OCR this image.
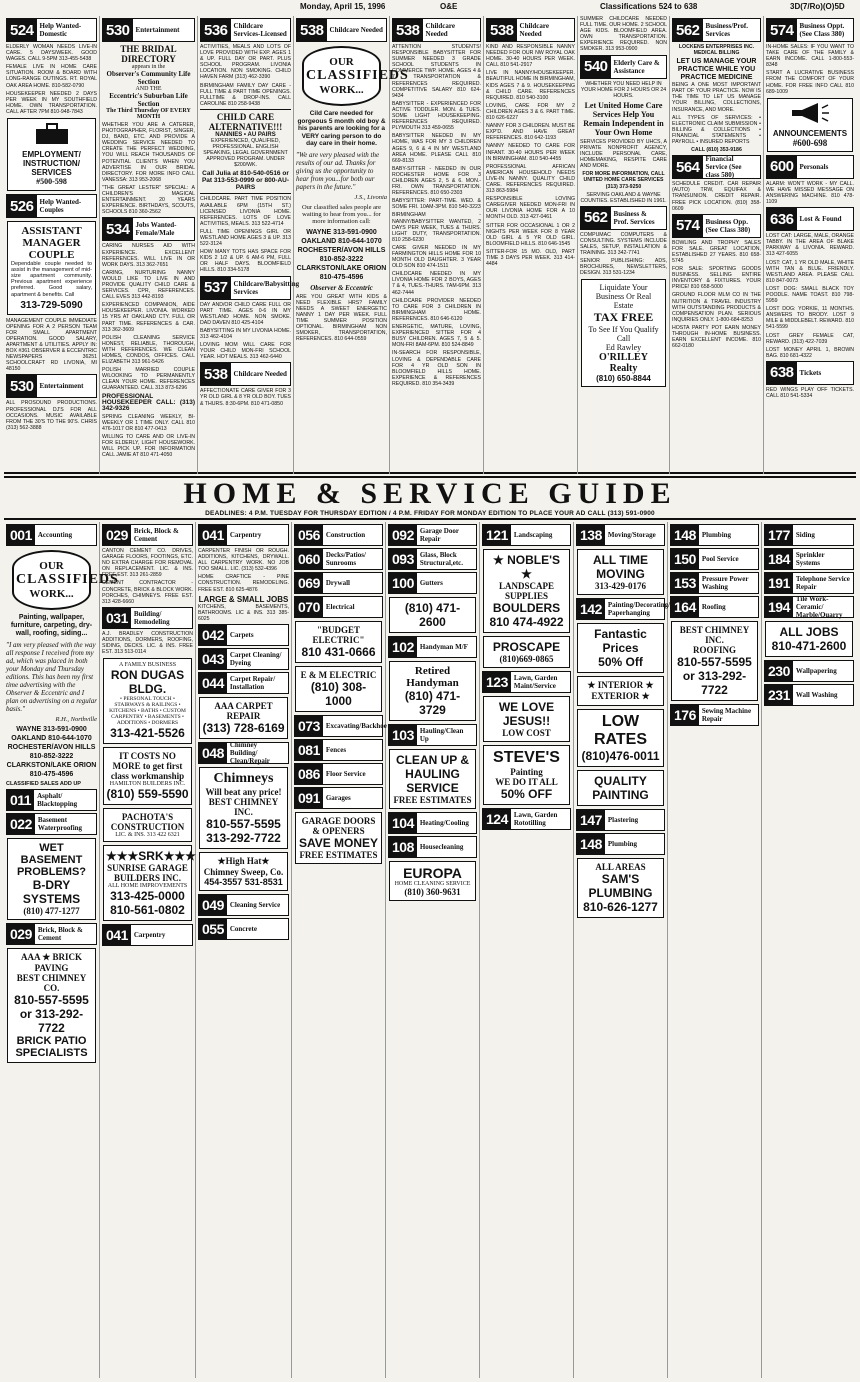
Monday, April 15, 1996	O&E	Classifications 524 to 638	3D(7/Ro)(O)5D
524 Help Wanted-Domestic
ELDERLY WOMAN NEEDS LIVE-IN CARE. 5 DAYS/WEEK. GOOD WAGES. CALL 9-5PM 313-455-5438
FEMALE LIVE IN HOME CARE SITUATION. ROOM & BOARD WITH LONG-RANGE OUTINGS. RT. ROYAL OAK AREA HOME. 810-582-0790
HOUSEKEEPER NEEDED 2 DAYS PER WEEK IN MY SOUTHFIELD HOME. OWN TRANSPORTATION. CALL AFTER 7PM 810-948-7843
EMPLOYMENT/ INSTRUCTION/ SERVICES
#500-598
526 Help Wanted-Couples
ASSISTANT MANAGER COUPLE
Dependable couple needed to assist in the management of mid-size apartment community. Previous apartment experience preferred. Good salary, apartment & benefits. Call
313-729-5090
MANAGEMENT COUPLE IMMEDIATE OPENING FOR A 2 PERSON TEAM FOR SMALL APARTMENT OPERATION. GOOD SALARY, APARTMENT & UTILITIES. APPLY IN: BOX #361 OBSERVER & ECCENTRIC NEWSPAPERS 36251 SCHOOLCRAFT RD LIVONIA, MI 48150
530 Entertainment
ALL PROSOUND PRODUCTIONS. PROFESSIONAL DJ'S FOR ALL OCCASIONS. MUSIC AVAILABLE FROM THE 30'S TO THE 90'S. CHRIS (313) 562-3888
530 Entertainment
THE BRIDAL DIRECTORY
appears in the
Observer's Community Life Section
AND THE
Eccentric's Suburban Life Section
The Third Thursday OF EVERY MONTH
WHETHER YOU ARE A CATERER, PHOTOGRAPHER, FLORIST, SINGER, DJ, BAND, ETC. AND PROVIDE A WEDDING SERVICE NEEDED TO CREATE THE PERFECT WEDDING, YOU WILL REACH THOUSANDS OF POTENTIAL CLIENTS WHEN YOU ADVERTISE IN OUR BRIDAL DIRECTORY. FOR MORE INFO CALL VANESSA: 313 953-2068
"THE GREAT LESTER" SPECIAL: A CHILDREN'S MAGICAL ENTERTAINMENT. 20 YEARS EXPERIENCE. BIRTHDAYS, SCOUTS, SCHOOLS 810 360-2562
534 Jobs Wanted-Female/Male
CARING NURSES AID WITH EXPERIENCE. EXCELLENT REFERENCES. WILL LIVE IN OR WORK DAYS. 313 362-7651
CARING, NURTURING NANNY WOULD LIKE TO LIVE IN AND PROVIDE QUALITY CHILD CARE & SERVICES. CPR, REFERENCES. CALL EVES 313 442-8193
EXPERIENCED COMPANION, AIDE HOUSEKEEPER. LIVONIA. WORKED 15 YRS AT OAKLAND CTY. FULL OR PART TIME. REFERENCES & CAR. 313 362-3609
POLISH CLEANING SERVICE HONEST, RELIABLE, THOROUGH, WITH REFERENCES. WE CLEAN HOMES, CONDOS, OFFICES. CALL ELIZABETH 313 961-5426
POLISH MARRIED COUPLE W/LOOKING TO PERMANENTLY CLEAN YOUR HOME. REFERENCES GUARANTEED. CALL 313 873-6296
PROFESSIONAL HOUSEKEEPER CALL: (313) 342-9326
SPRING CLEANING WEEKLY, BI-WEEKLY OR 1 TIME ONLY. CALL 810 476-1017 OR 810 477-0413
WILLING TO CARE AND OR LIVE-IN FOR ELDERLY, LIGHT HOUSEWORK. WILL PICK UP. FOR INFORMATION CALL JAMIE AT 810 471-4050
536 Childcare Services-Licensed
ACTIVITIES, MEALS AND LOTS OF LOVE PROVIDED WITH EXP. AGES 1 & UP. FULL DAY OR PART. PLUS SCHOOL PROGRAM. LIVONIA LOCATION. NON SMOKING. CHILD HAVEN FARM (313) 462-3390
BIRMINGHAM FAMILY DAY CARE - FULL TIME & PART TIME OPENINGS. FULLTIME & DROP-INS. CALL CAROLINE 810 258-9438
CHILD CARE ALTERNATIVE!!!
NANNIES • AU PAIRS
EXPERIENCED, QUALIFIED, PROFESSIONAL. ENGLISH SPEAKING, LEGAL GOVERNMENT APPROVED PROGRAM. UNDER $200/WK.
Call Julia at 810-540-0516 or Pat 313-553-0999 or 800-AU-PAIRS
CHILDCARE. PART TIME POSITION AVAILABLE 6PM (15TH ST.) LICENSED LIVONIA HOME. REFERENCES. LOTS OF LOVE ACTIVITIES, MEALS. 313 522-4714
FULL TIME OPENINGS GIRL OR WESTLAND HOME AGES 3 & UP. 313 522-3124
HOW MANY TOTS HAS SPACE FOR KIDS 2 1/2 & UP. 6 AM-6 PM, FULL OR HALF DAYS. BLOOMFIELD HILLS. 810 334-5178
537 Childcare/Babysitting Services
DAY AND/OR CHILD CARE FULL OR PART TIME. AGES 0-6 IN MY WESTLAND HOME. NON SMOKE. DAD DAVEN 810 425-4104
BABYSITTING IN MY LIVONIA HOME. 313 462-4104
LOVING MOM WILL CARE FOR YOUR CHILD MON-FRI SCHOOL YEAR. HOT MEALS. 313 462-6440
538 Childcare Needed
AFFECTIONATE CARE GIVER FOR 3 YR OLD GIRL & 8 YR OLD BOY. TUES & THURS. 8:30-6PM. 810 471-0850
538 Childcare Needed
OUR
CLASSIFIEDS
WORK...
Cild Care needed for gorgeous 5 month old boy & his parents are looking for a VERY caring person to do day care in their home.
"We are very pleased with the results of our ad. Thanks for giving us the opportunity to hear from you...for both our papers in the future."
J.S., Livonia
Our classified sales people are waiting to hear from you... for more information call:
WAYNE 313-591-0900
OAKLAND 810-644-1070
ROCHESTER/AVON HILLS 810-852-3222
CLARKSTON/LAKE ORION 810-475-4596
Observer & Eccentric
ARE YOU GREAT WITH KIDS & NEED FLEXIBLE HRS? FAMILY NEEDS A SWEET ENERGETIC NANNY 1 DAY PER WEEK. FULL TIME SUMMER POSITION OPTIONAL. BIRMINGHAM NON SMOKER, TRANSPORTATION, REFERENCES. 810 644-0559
538 Childcare Needed
ATTENTION STUDENTS! RESPONSIBLE BABYSITTER FOR SUMMER NEEDED 3 GRADE SCHOOL STUDENTS IN COMMERCE TWP. HOME. AGES 4 & 7. TRANSPORTATION & REFERENCES REQUIRED. COMPETITIVE SALARY 810 624-9434
BABYSITTER - EXPERIENCED FOR ACTIVE TODDLER. MON. & TUES. SOME LIGHT HOUSEKEEPING. REFERENCES REQUIRED. PLYMOUTH 313 459-0655
BABYSITTER NEEDED IN MY HOME, WAS FOR MY 3 CHILDREN AGES 9, 6 & 4 IN MY WESTLAND AREA HOME. PLEASE CALL 810 669-8133
BABY-SITTER - NEEDED IN OUR ROCHESTER HOME FOR 3 CHILDREN AGES 2, 5 & 6. MON.-FRI. OWN TRANSPORTATION. REFERENCES. 810 650-2303
BABYSITTER: PART-TIME. WED. & SOME FRI. 10AM-3PM. 810 540-3223
BIRMINGHAM - NANNY/BABYSITTER WANTED, 2 DAYS PER WEEK, TUES & THURS. LIGHT DUTY, TRANSPORTATION. 810 258-6230
CARE GIVER NEEDED IN MY FARMINGTON HILLS HOME FOR 10 MONTH OLD DAUGHTER. 3 YEAR OLD SON 810 474-1511
CHILDCARE NEEDED IN MY LIVONIA HOME FOR 2 BOYS, AGES 7 & 4, TUES.-THURS. 7AM-6PM. 313 462-7444
CHILDCARE PROVIDER NEEDED TO CARE FOR 3 CHILDREN IN BIRMINGHAM HOME. REFERENCES. 810 646-6120
ENERGETIC, MATURE, LOVING, EXPERIENCED SITTER FOR 4 BUSY CHILDREN. AGES 7, 5 & 5. MON-FRI 8AM-6PM. 810 524-8849
IN-SEARCH FOR RESPONSIBLE, LOVING & DEPENDABLE CARE FOR 4 YR OLD SON IN BLOOMFIELD HILLS HOME. EXPERIENCE & REFERENCES REQUIRED. 810 354-3439
538 Childcare Needed
KIND AND RESPONSIBLE NANNY NEEDED FOR OUR NW ROYAL OAK HOME. 30-40 HOURS PER WEEK. CALL 810 541-2917
LIVE IN NANNY/HOUSEKEEPER. BEAUTIFUL HOME IN BIRMINGHAM, KIDS AGES 7 & 9. HOUSEKEEPING & CHILD CARE. REFERENCES REQUIRED. 810 540-3100
LOVING, CARE FOR MY 2 CHILDREN AGES 3 & 6. PART TIME. 810 626-6227
NANNY FOR 3 CHILDREN. MUST BE EXP'D. AND HAVE GREAT REFERENCES. 810 642-1193
NANNY NEEDED TO CARE FOR INFANT. 30-40 HOURS PER WEEK IN BIRMINGHAM. 810 540-4455
PROFESSIONAL AFRICAN AMERICAN HOUSEHOLD NEEDS LIVE-IN NANNY. QUALITY CHILD CARE. REFERENCES REQUIRED. 313 863-5984
RESPONSIBLE LOVING CAREGIVER NEEDED MON-FRI IN OUR LIVONIA HOME FOR A 10 MONTH OLD. 313 427-0461
SITTER FOR OCCASIONAL 1 OR 2 NIGHTS PER WEEK FOR 8 YEAR OLD GIRL & 5 YR OLD GIRL. BLOOMFIELD HILLS. 810 646-1545
SITTER-FOR 15 MO. OLD, PART TIME 3 DAYS PER WEEK. 313 414-4484
SUMMER CHILDCARE NEEDED FULL TIME. OUR HOME. 2 SCHOOL AGE KIDS. BLOOMFIELD AREA. OWN TRANSPORTATION. EXPERIENCE REQUIRED. NON SMOKER. 313 953-0900
540 Elderly Care & Assistance
WHETHER YOU NEED HELP IN YOUR HOME FOR 2 HOURS OR 24 HOURS.
Let United Home Care Services Help You Remain Independent in Your Own Home
SERVICES PROVIDED BY UHCS, A PRIVATE NONPROFIT AGENCY, INCLUDE PERSONAL CARE, HOMEMAKING, RESPITE CARE AND MORE.
FOR MORE INFORMATION, CALL UNITED HOME CARE SERVICES (313) 373-9250
SERVING OAKLAND & WAYNE COUNTIES. ESTABLISHED IN 1961.
562 Business & Prof. Services
COMPUMAC COMPUTERS & CONSULTING. SYSTEMS INCLUDE SALES, SETUP, INSTALLATION & TRAINING. 313 342-7741
SENIOR PUBLISHING: ADS, BROCHURES, NEWSLETTERS, DESIGN. 313 531-1234
Liquidate Your Business Or Real Estate
TAX FREE
To See If You Qualify Call
Ed Rawley
O'RILLEY Realty
(810) 650-8844
562 Business/Prof. Services
LOCKENS ENTERPRISES INC. MEDICAL BILLING
LET US MANAGE YOUR PRACTICE WHILE YOU PRACTICE MEDICINE
BEING A ONE MOST IMPORTANT PART OF YOUR PRACTICE. NOW IS THE TIME TO LET US MANAGE YOUR BILLING, COLLECTIONS, INSURANCE, AND MORE.
ALL TYPES OF SERVICES: • ELECTRONIC CLAIM SUBMISSION • BILLING & COLLECTIONS • FINANCIAL STATEMENTS • PAYROLL • INSURED REPORTS
CALL (810) 353-9186
564 Financial Service (See class 580)
SCHEDULE CREDIT. CAR REPAIR (AUTO) TRW, EQUIFAX & TRANSUNION. CREDIT REPAIR. FREE PICK LOCATION. (810) 358-0609
574 Business Opp. (See Class 380)
BOWLING AND TROPHY SALES FOR SALE. GREAT LOCATION, ESTABLISHED 27 YEARS. 810 658-5745
FOR SALE: SPORTING GOODS BUSINESS. SELLING ENTIRE INVENTORY & FIXTURES. YOUR PRICE! 810 658-5000
GROUND FLOOR MLM CO IN THE NUTRITION & TRAVEL INDUSTRY WITH OUTSTANDING PRODUCTS & COMPENSATION PLAN. SERIOUS INQUIRIES ONLY. 1-800-684-8253
HOSTA PARTY POT EARN MONEY THROUGH IN-HOME BUSINESS. EARN EXCELLENT INCOME. 810 662-0180
574 Business Oppt. (See Class 380)
IN-HOME SALES: IF YOU WANT TO TAKE CARE OF THE FAMILY & EARN INCOME. CALL 1-800-553-8348
START A LUCRATIVE BUSINESS FROM THE COMFORT OF YOUR HOME. FOR FREE INFO CALL 810 689-1009
ANNOUNCEMENTS
#600-698
600 Personals
ALARM: WON'T WORK - MY CALL. WE HAVE MISSED MESSAGE ON ANSWERING MACHINE. 810 478-1109
636 Lost & Found
LOST CAT: LARGE, MALE, ORANGE TABBY. IN THE AREA OF BLAKE PARKWAY & LIVONIA. REWARD. 313 427-6055
LOST: CAT, 1 YR OLD MALE, WHITE WITH TAN & BLUE. FRIENDLY. WESTLAND AREA. PLEASE CALL 810 847-0073
LOST DOG: SMALL BLACK TOY POODLE. NAME TOAST. 810 798-5959
LOST DOG: YORKIE, 11 MONTHS. ANSWERS TO BRODY. LOST 9 MILE & MIDDLEBELT. REWARD. 810 541-5599
LOST GREY FEMALE CAT, REWARD. (313) 422-7039
LOST MONEY APRIL 1, BROWN BAG. 810 681-4322
638 Tickets
RED WINGS PLAY OFF TICKETS. CALL 810 541-5334
HOME & SERVICE GUIDE
DEADLINES: 4 P.M. TUESDAY FOR THURSDAY EDITION / 4 P.M. FRIDAY FOR MONDAY EDITION TO PLACE YOUR AD CALL (313) 591-0900
001 Accounting
OUR
CLASSIFIEDS
WORK...
Painting, wallpaper, furniture, carpeting, dry-wall, roofing, siding...
"I am very pleased with the way all response I received from my ad, which was placed in both your Monday and Thursday editions. This has been my first time advertising with the Observer & Eccentric and I plan on advertising on a regular basis."
R.H., Northville
WAYNE 313-591-0900
OAKLAND 810-644-1070
ROCHESTER/AVON HILLS 810-852-3222
CLARKSTON/LAKE ORION 810-475-4596
CLASSIFIED SALES ADD UP
011 Asphalt/ Blacktopping
022 Basement Waterproofing
WET BASEMENT PROBLEMS?
B-DRY SYSTEMS
(810) 477-1277
029 Brick, Block & Cement
AAA ★ BRICK PAVING
BEST CHIMNEY CO.
810-557-5595
or 313-292-7722
BRICK PATIO SPECIALISTS
029 Brick, Block & Cement
CANTON CEMENT CO. DRIVES, GARAGE FLOORS, FOOTINGS, ETC. NO EXTRA CHARGE FOR REMOVAL ON REPLACEMENT. LIC. & INS. FREE EST. 313 261-2859
CEMENT CONTRACTOR - CONCRETE, BRICK & BLOCK WORK. PORCHES, CHIMNEYS. FREE EST. 313 428-6660
031 Building/ Remodeling
A.J. BRADLEY CONSTRUCTION ADDITIONS, DORMERS, ROOFING, SIDING, DECKS. LIC. & INS. FREE EST. 313 513-0114
A FAMILY BUSINESS
RON DUGAS BLDG.
• PERSONAL TOUCH • STAIRWAYS & RAILINGS • KITCHENS • BATHS • CUSTOM CARPENTRY • BASEMENTS • ADDITIONS • DORMERS
313-421-5526
IT COSTS NO MORE to get first class workmanship
HAMILTON BUILDERS INC.
(810) 559-5590
PACHOTA'S CONSTRUCTION
LIC. & INS. 313 422 6321
★★★SRK★★★
SUNRISE GARAGE BUILDERS INC.
ALL HOME IMPROVEMENTS
313-425-0000
810-561-0802
041 Carpentry
041 Carpentry
CARPENTER FINISH OR ROUGH. ADDITIONS, KITCHENS, DRYWALL. ALL CARPENTRY WORK. NO JOB TOO SMALL. LIC. (313) 532-4396
HOME CRAFTICE - PINE CONSTRUCTION. REMODELING. FREE EST. 810 625-4876
LARGE & SMALL JOBS
KITCHENS, BASEMENTS, BATHROOMS. LIC & INS. 313 385-6025
042 Carpets
043 Carpet Cleaning/ Dyeing
044 Carpet Repair/ Installation
AAA CARPET REPAIR
(313) 728-6169
048 Chimney Building/ Clean/Repair
Chimneys
Will beat any price!
BEST CHIMNEY INC.
810-557-5595
313-292-7722
★High Hat★
Chimney Sweep, Co.
454-3557 531-8531
049 Cleaning Service
055 Concrete
056 Construction
060 Decks/Patios/ Sunrooms
069 Drywall
070 Electrical
"BUDGET ELECTRIC"
810 431-0666
E & M ELECTRIC
(810) 308-1000
073 Excavating/Backhoe
081 Fences
086 Floor Service
091 Garages
GARAGE DOORS & OPENERS
SAVE MONEY
FREE ESTIMATES
092 Garage Door Repair
093 Glass, Block Structural,etc.
100 Gutters
(810) 471-2600
102 Handyman M/F
Retired Handyman
(810) 471-3729
103 Hauling/Clean Up
CLEAN UP & HAULING SERVICE
FREE ESTIMATES
104 Heating/Cooling
108 Housecleaning
EUROPA
HOME CLEANING SERVICE
(810) 360-9631
121 Landscaping
★ NOBLE'S ★
LANDSCAPE SUPPLIES
BOULDERS
810 474-4922
PROSCAPE
(810)669-0865
123 Lawn, Garden Maint/Service
WE LOVE JESUS!!
LOW COST
STEVE'S
Painting
WE DO IT ALL
50% OFF
124 Lawn, Garden Rototilling
138 Moving/Storage
ALL TIME MOVING
313-429-0176
142 Painting/Decorating/ Paperhanging
Fantastic Prices
50% Off
★ INTERIOR ★ EXTERIOR ★
LOW RATES
(810)476-0011
QUALITY PAINTING
147 Plastering
148 Plumbing
ALL AREAS
SAM'S PLUMBING
810-626-1277
148 Plumbing
150 Pool Service
153 Pressure Power Washing
164 Roofing
BEST CHIMNEY INC.
ROOFING
810-557-5595
or 313-292-7722
176 Sewing Machine Repair
177 Siding
184 Sprinkler Systems
191 Telephone Service Repair
194 Tile Work-Ceramic/ Marble/Quarry
ALL JOBS
810-471-2600
230 Wallpapering
231 Wall Washing
